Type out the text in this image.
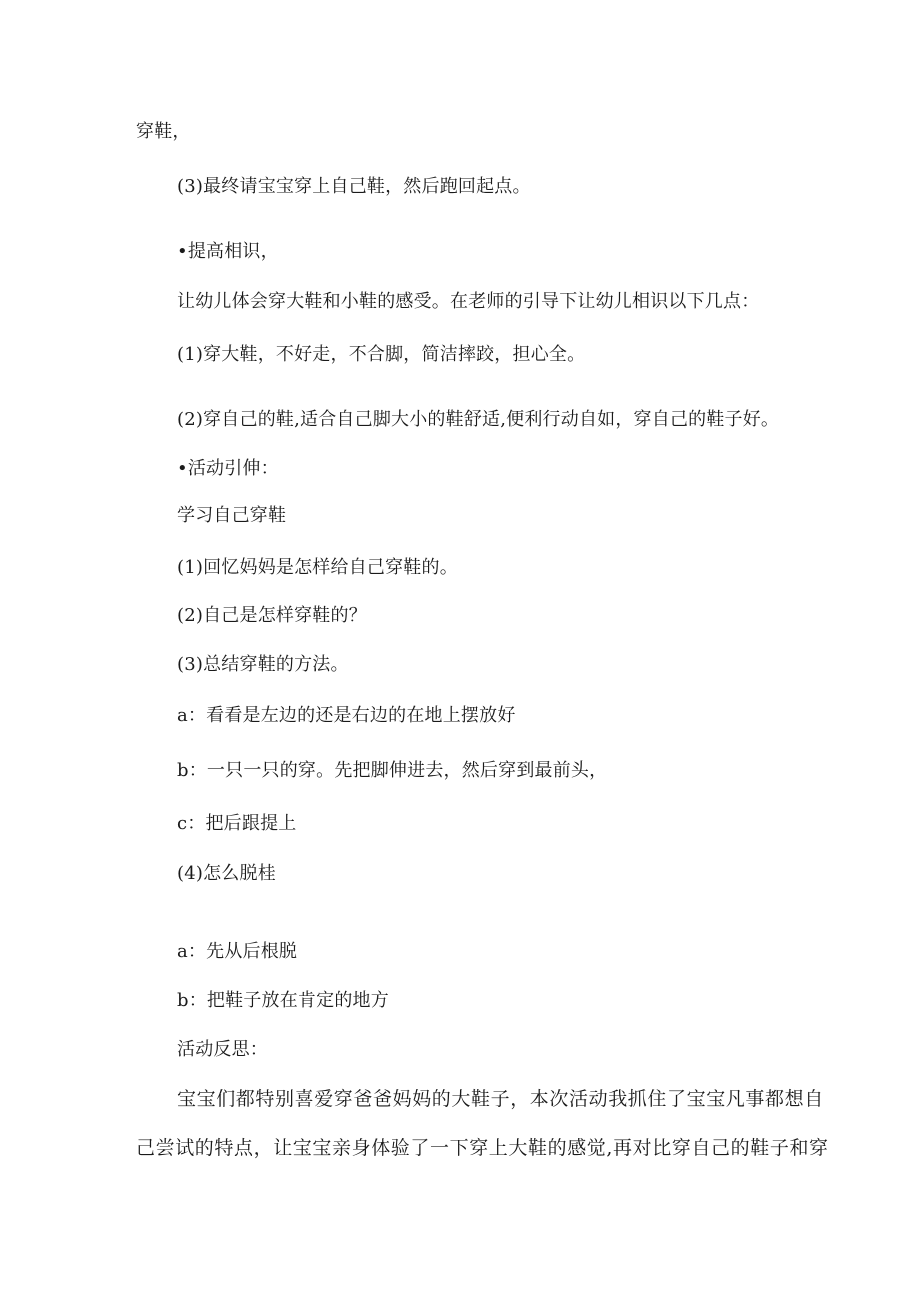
穿鞋，
(3)最终请宝宝穿上自己鞋，然后跑回起点。
•提高相识，
让幼儿体会穿大鞋和小鞋的感受。在老师的引导下让幼儿相识以下几点：
(1)穿大鞋，不好走，不合脚，简洁摔跤，担心全。
(2)穿自己的鞋,适合自己脚大小的鞋舒适,便利行动自如，穿自己的鞋子好。
•活动引伸：
学习自己穿鞋
(1)回忆妈妈是怎样给自己穿鞋的。
(2)自己是怎样穿鞋的？
(3)总结穿鞋的方法。
a：看看是左边的还是右边的在地上摆放好
b：一只一只的穿。先把脚伸进去，然后穿到最前头，
c：把后跟提上
(4)怎么脱桂
a：先从后根脱
b：把鞋子放在肯定的地方
活动反思：
宝宝们都特别喜爱穿爸爸妈妈的大鞋子，本次活动我抓住了宝宝凡事都想自
己尝试的特点，让宝宝亲身体验了一下穿上大鞋的感觉,再对比穿自己的鞋子和穿
